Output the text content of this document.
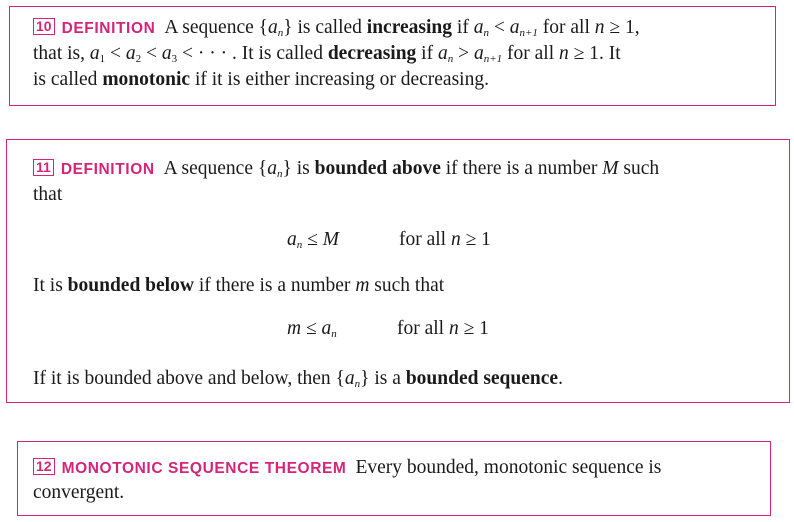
10 DEFINITION A sequence $\{a_n\}$ is called increasing if $a_n < a_{n+1}$ for all n ≥ 1,
that is, $a_1 < a_2 < a_3$ < · · · . It is called decreasing if $a_n > a_{n+1}$ for all n ≥ 1. It
is called monotonic if it is either increasing or decreasing.
11 DEFINITION A sequence $\{a_n\}$ is bounded above if there is a number M such
that
$a_n \le M$	for all n ≥ 1
It is bounded below if there is a number m such that
$m \le a_n$	for all n ≥ 1
If it is bounded above and below, then $\{a_n\}$ is a bounded sequence.
12 MONOTONIC SEQUENCE THEOREM Every bounded, monotonic sequence is
convergent.
